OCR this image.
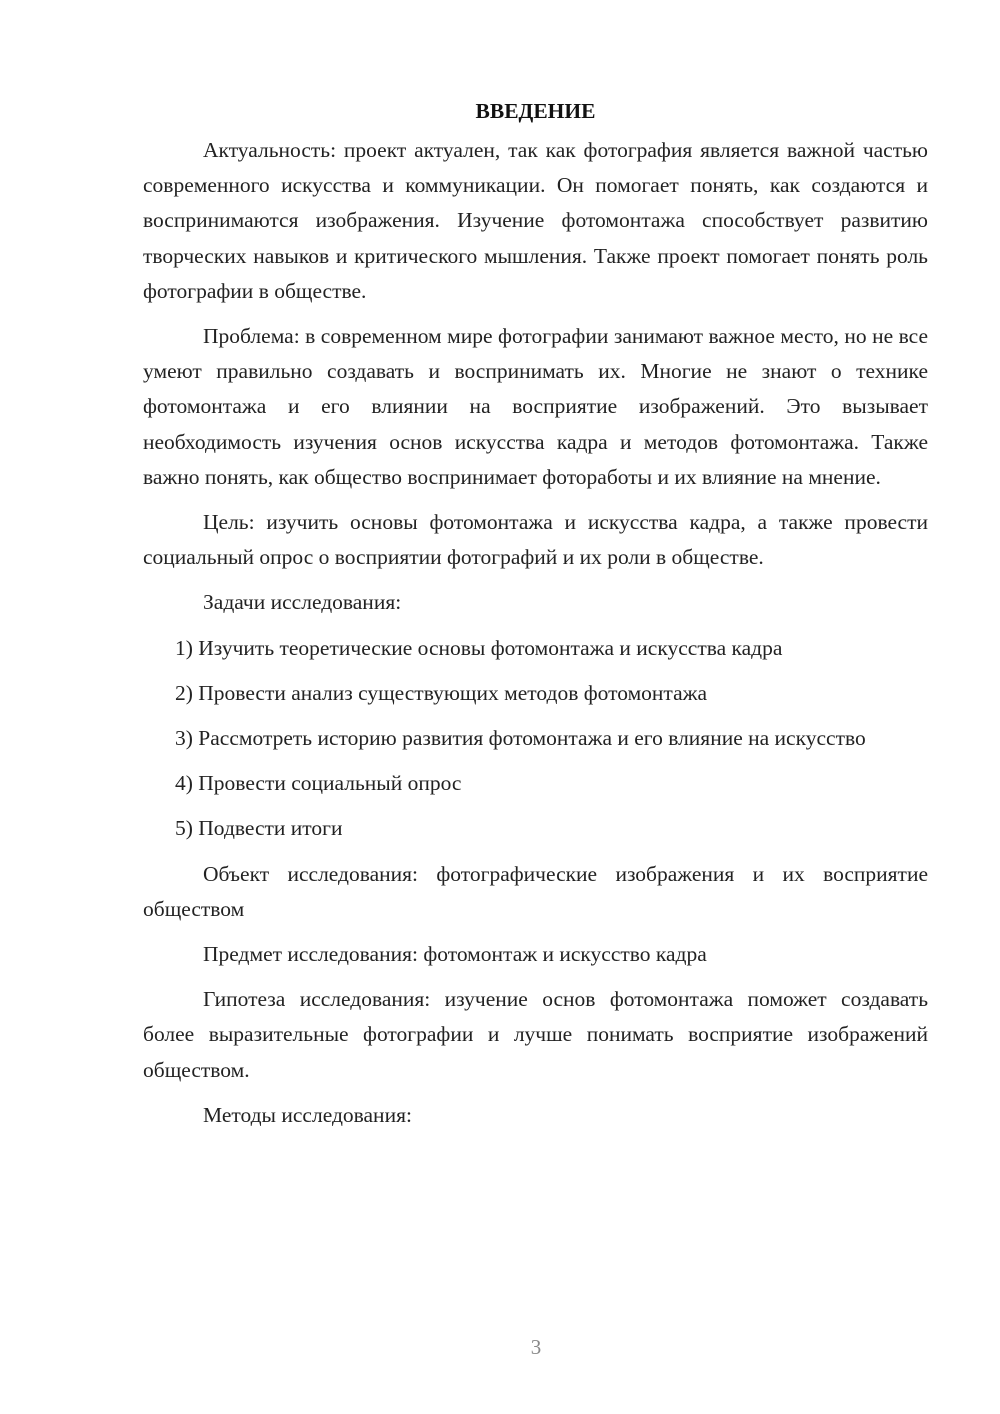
ВВЕДЕНИЕ

Актуальность: проект актуален, так как фотография является важной частью современного искусства и коммуникации. Он помогает понять, как создаются и воспринимаются изображения. Изучение фотомонтажа способствует развитию творческих навыков и критического мышления. Также проект помогает понять роль фотографии в обществе.

Проблема: в современном мире фотографии занимают важное место, но не все умеют правильно создавать и воспринимать их. Многие не знают о технике фотомонтажа и его влиянии на восприятие изображений. Это вызывает необходимость изучения основ искусства кадра и методов фотомонтажа. Также важно понять, как общество воспринимает фотоработы и их влияние на мнение.

Цель: изучить основы фотомонтажа и искусства кадра, а также провести социальный опрос о восприятии фотографий и их роли в обществе.

Задачи исследования:

1) Изучить теоретические основы фотомонтажа и искусства кадра

2) Провести анализ существующих методов фотомонтажа

3) Рассмотреть историю развития фотомонтажа и его влияние на искусство

4) Провести социальный опрос

5) Подвести итоги

Объект исследования: фотографические изображения и их восприятие обществом

Предмет исследования: фотомонтаж и искусство кадра

Гипотеза исследования: изучение основ фотомонтажа поможет создавать более выразительные фотографии и лучше понимать восприятие изображений обществом.

Методы исследования:

3
